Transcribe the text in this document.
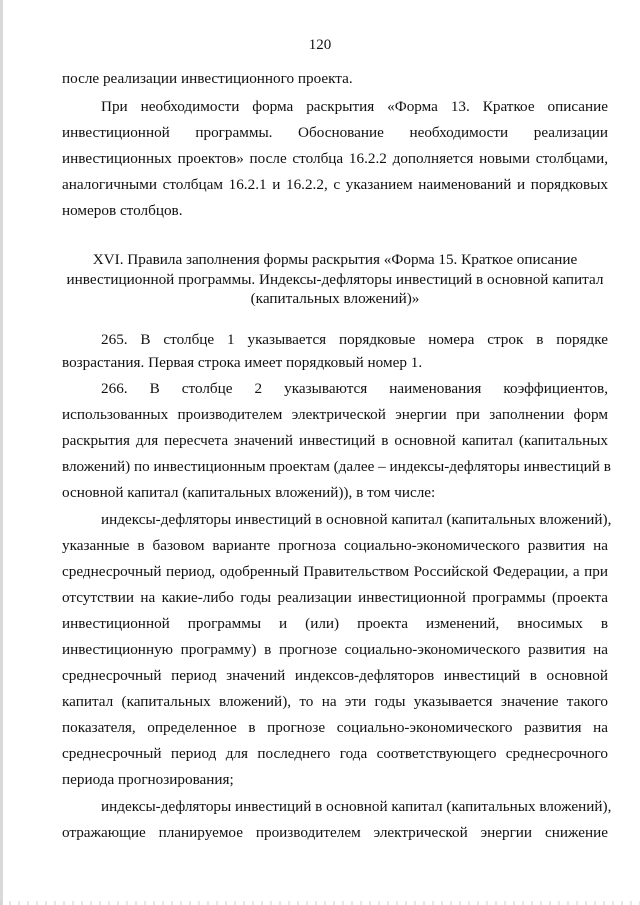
120
после реализации инвестиционного проекта.
При необходимости форма раскрытия «Форма 13. Краткое описание
инвестиционной программы. Обоснование необходимости реализации
инвестиционных проектов» после столбца 16.2.2 дополняется новыми столбцами,
аналогичными столбцам 16.2.1 и 16.2.2, с указанием наименований и порядковых
номеров столбцов.
XVI. Правила заполнения формы раскрытия «Форма 15. Краткое описание
инвестиционной программы. Индексы-дефляторы инвестиций в основной капитал
(капитальных вложений)»
265. В столбце 1 указывается порядковые номера строк в порядке
возрастания. Первая строка имеет порядковый номер 1.
266. В столбце 2 указываются наименования коэффициентов,
использованных производителем электрической энергии при заполнении форм
раскрытия для пересчета значений инвестиций в основной капитал (капитальных
вложений) по инвестиционным проектам (далее – индексы-дефляторы инвестиций в
основной капитал (капитальных вложений)), в том числе:
индексы-дефляторы инвестиций в основной капитал (капитальных вложений),
указанные в базовом варианте прогноза социально-экономического развития на
среднесрочный период, одобренный Правительством Российской Федерации, а при
отсутствии на какие-либо годы реализации инвестиционной программы (проекта
инвестиционной программы и (или) проекта изменений, вносимых в
инвестиционную программу) в прогнозе социально-экономического развития на
среднесрочный период значений индексов-дефляторов инвестиций в основной
капитал (капитальных вложений), то на эти годы указывается значение такого
показателя, определенное в прогнозе социально-экономического развития на
среднесрочный период для последнего года соответствующего среднесрочного
периода прогнозирования;
индексы-дефляторы инвестиций в основной капитал (капитальных вложений),
отражающие планируемое производителем электрической энергии снижение
